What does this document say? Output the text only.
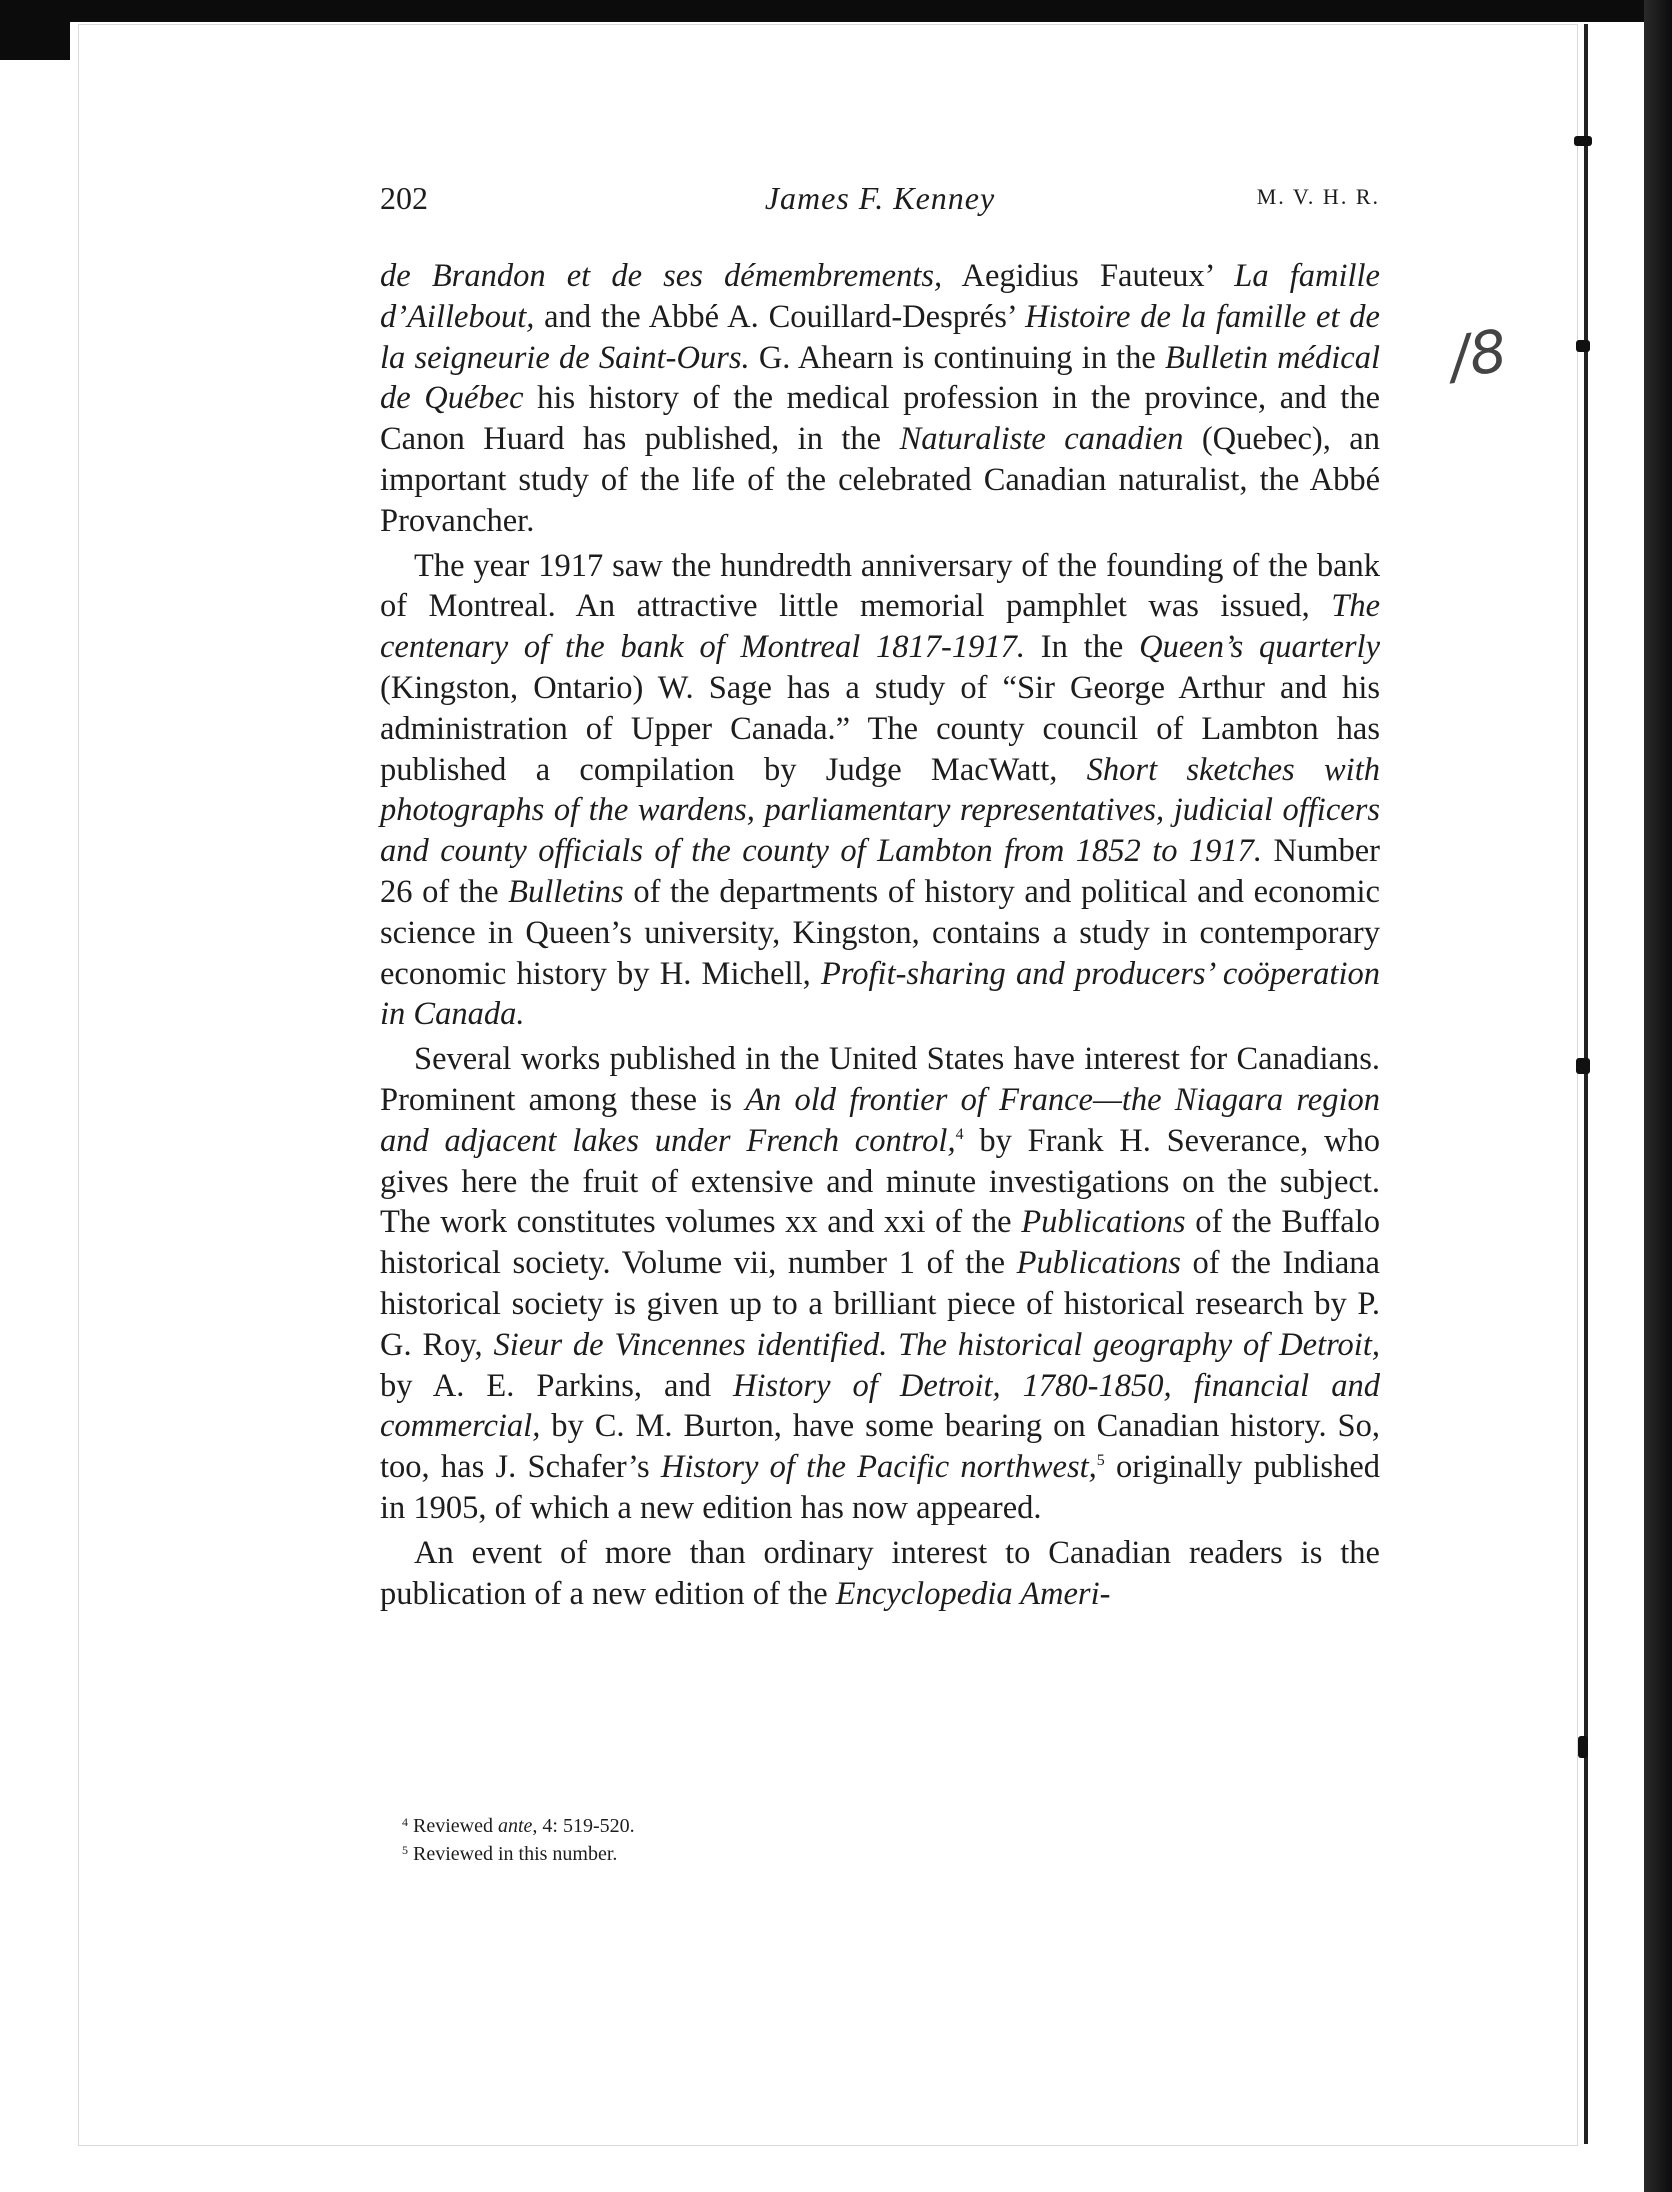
202	James F. Kenney	M. V. H. R.

de Brandon et de ses démembrements, Aegidius Fauteux’ La famille d’Aillebout, and the Abbé A. Couillard-Després’ Histoire de la famille et de la seigneurie de Saint-Ours. G. Ahearn is continuing in the Bulletin médical de Québec his history of the medical profession in the province, and the Canon Huard has published, in the Naturaliste canadien (Quebec), an important study of the life of the celebrated Canadian naturalist, the Abbé Provancher.

The year 1917 saw the hundredth anniversary of the founding of the bank of Montreal. An attractive little memorial pamphlet was issued, The centenary of the bank of Montreal 1817-1917. In the Queen’s quarterly (Kingston, Ontario) W. Sage has a study of “Sir George Arthur and his administration of Upper Canada.” The county council of Lambton has published a compilation by Judge MacWatt, Short sketches with photographs of the wardens, parliamentary representatives, judicial officers and county officials of the county of Lambton from 1852 to 1917. Number 26 of the Bulletins of the departments of history and political and economic science in Queen’s university, Kingston, contains a study in contemporary economic history by H. Michell, Profit-sharing and producers’ coöperation in Canada.

Several works published in the United States have interest for Canadians. Prominent among these is An old frontier of France—the Niagara region and adjacent lakes under French control,$^4$ by Frank H. Severance, who gives here the fruit of extensive and minute investigations on the subject. The work constitutes volumes xx and xxi of the Publications of the Buffalo historical society. Volume vii, number 1 of the Publications of the Indiana historical society is given up to a brilliant piece of historical research by P. G. Roy, Sieur de Vincennes identified. The historical geography of Detroit, by A. E. Parkins, and History of Detroit, 1780-1850, financial and commercial, by C. M. Burton, have some bearing on Canadian history. So, too, has J. Schafer’s History of the Pacific northwest,$^5$ originally published in 1905, of which a new edition has now appeared.

An event of more than ordinary interest to Canadian readers is the publication of a new edition of the Encyclopedia Ameri-

$^4$ Reviewed ante, 4: 519-520.
$^5$ Reviewed in this number.
/8
